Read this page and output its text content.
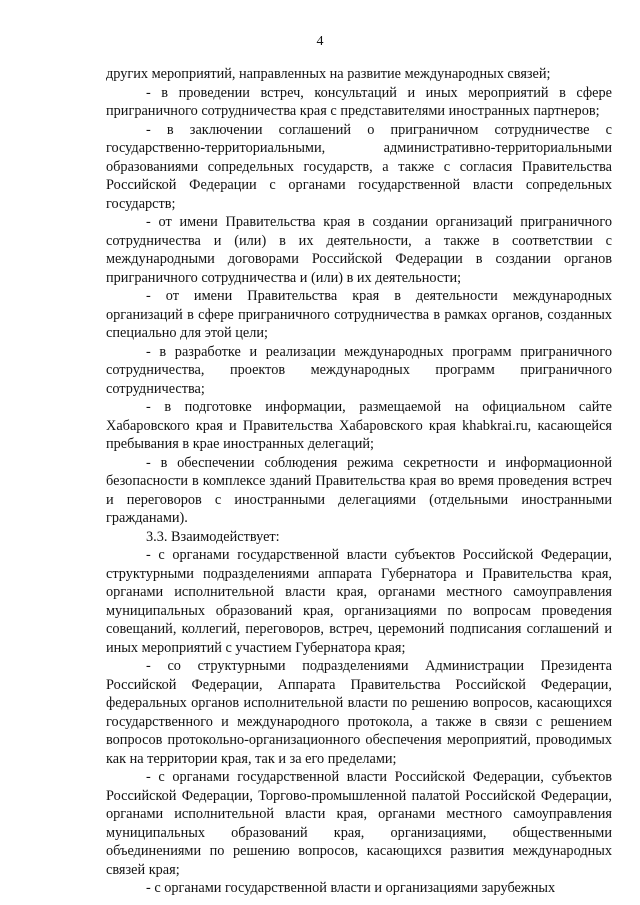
4

других мероприятий, направленных на развитие международных связей;

- в проведении встреч, консультаций и иных мероприятий в сфере приграничного сотрудничества края с представителями иностранных партнеров;

- в заключении соглашений о приграничном сотрудничестве с государственно-территориальными, административно-территориальными образованиями сопредельных государств, а также с согласия Правительства Российской Федерации с органами государственной власти сопредельных государств;

- от имени Правительства края в создании организаций приграничного сотрудничества и (или) в их деятельности, а также в соответствии с международными договорами Российской Федерации в создании органов приграничного сотрудничества и (или) в их деятельности;

- от имени Правительства края в деятельности международных организаций в сфере приграничного сотрудничества в рамках органов, созданных специально для этой цели;

- в разработке и реализации международных программ приграничного сотрудничества, проектов международных программ приграничного сотрудничества;

- в подготовке информации, размещаемой на официальном сайте Хабаровского края и Правительства Хабаровского края khabkrai.ru, касающейся пребывания в крае иностранных делегаций;

- в обеспечении соблюдения режима секретности и информационной безопасности в комплексе зданий Правительства края во время проведения встреч и переговоров с иностранными делегациями (отдельными иностранными гражданами).

3.3. Взаимодействует:

- с органами государственной власти субъектов Российской Федерации, структурными подразделениями аппарата Губернатора и Правительства края, органами исполнительной власти края, органами местного самоуправления муниципальных образований края, организациями по вопросам проведения совещаний, коллегий, переговоров, встреч, церемоний подписания соглашений и иных мероприятий с участием Губернатора края;

- со структурными подразделениями Администрации Президента Российской Федерации, Аппарата Правительства Российской Федерации, федеральных органов исполнительной власти по решению вопросов, касающихся государственного и международного протокола, а также в связи с решением вопросов протокольно-организационного обеспечения мероприятий, проводимых как на территории края, так и за его пределами;

- с органами государственной власти Российской Федерации, субъектов Российской Федерации, Торгово-промышленной палатой Российской Федерации, органами исполнительной власти края, органами местного самоуправления муниципальных образований края, организациями, общественными объединениями по решению вопросов, касающихся развития международных связей края;

- с органами государственной власти и организациями зарубежных
